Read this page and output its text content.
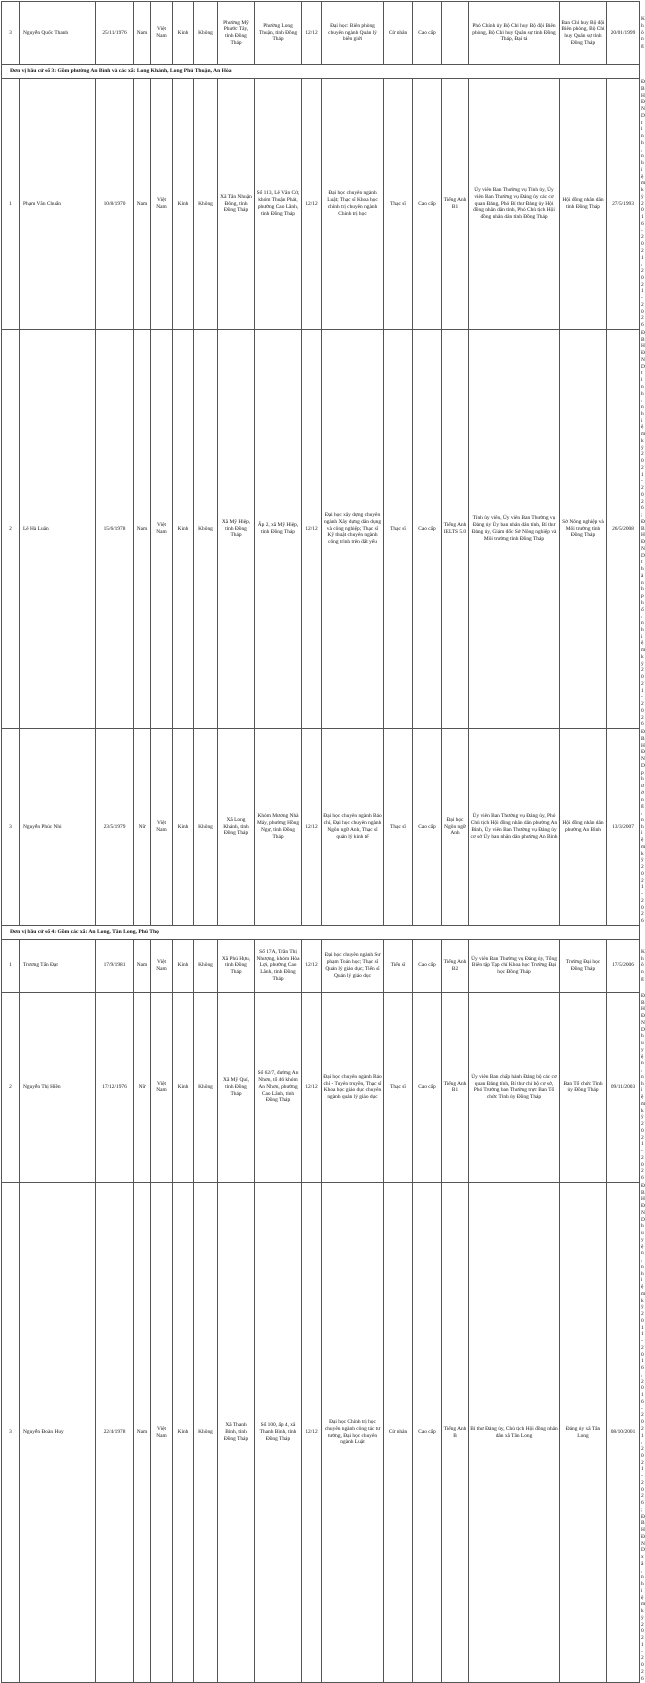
3	Nguyễn Quốc Thanh	25/11/1976	Nam	Việt Nam	Kinh	Không	Phường Mỹ Phước Tây, tỉnh Đồng Tháp	Phường Long Thuận, tỉnh Đồng Tháp	12/12	Đại học: Biên phòng chuyên ngành Quản lý biên giới	Cử nhân	Cao cấp		Phó Chính ủy Bộ Chỉ huy Bộ đội Biên phòng, Bộ Chỉ huy Quân sự tỉnh Đồng Tháp, Đại tá	Ban Chỉ huy Bộ đội Biên phòng, Bộ Chỉ huy Quân sự tỉnh Đồng Tháp	20/01/1999	Không
Đơn vị bầu cử số 3: Gồm phường An Bình và các xã: Long Khánh, Long Phú Thuận, An Hòa																	
1	Phạm Văn Chuẩn	10/8/1970	Nam	Việt Nam	Kinh	Không	Xã Tân Nhuận Đông, tỉnh Đồng Tháp	Số 113, Lê Văn Cử, khóm Thuận Phát, phường Cao Lãnh, tỉnh Đồng Tháp	12/12	Đại học chuyên ngành Luật; Thạc sĩ Khoa học chính trị chuyên ngành Chính trị học	Thạc sĩ	Cao cấp	Tiếng Anh B1	Ủy viên Ban Thường vụ Tỉnh ủy, Ủy viên Ban Thường vụ Đảng ủy các cơ quan Đảng, Phó Bí thư Đảng ủy Hội đồng nhân dân tỉnh, Phó Chủ tịch Hội đồng nhân dân tỉnh Đồng Tháp	Hội đồng nhân dân tỉnh Đồng Tháp	27/5/1993	ĐBHĐND tỉnh, nhiệm kỳ 2016-2021, 2021-2026
2	Lê Hà Luân	15/6/1978	Nam	Việt Nam	Kinh	Không	Xã Mỹ Hiệp, tỉnh Đồng Tháp	Ấp 2, xã Mỹ Hiệp, tỉnh Đồng Tháp	12/12	Đại học xây dựng chuyên ngành Xây dựng dân dụng và công nghiệp; Thạc sĩ Kỹ thuật chuyên ngành công trình trên đất yếu	Thạc sĩ	Cao cấp	Tiếng Anh IELTS 5.0	Tỉnh ủy viên, Ủy viên Ban Thường vụ Đảng ủy Ủy ban nhân dân tỉnh, Bí thư Đảng ủy, Giám đốc Sở Nông nghiệp và Môi trường tỉnh Đồng Tháp	Sở Nông nghiệp và Môi trường tỉnh Đồng Tháp	26/5/2008	ĐBHĐND tỉnh, nhiệm kỳ 2021-2026; ĐBHĐND thành phố, nhiệm kỳ 2021-2026
3	Nguyễn Phúc Nhi	23/5/1979	Nữ	Việt Nam	Kinh	Không	Xã Long Khánh, tỉnh Đồng Tháp	Khóm Mương Nhà Máy, phường Hồng Ngự, tỉnh Đồng Tháp	12/12	Đại học chuyên ngành Báo chí, Đại học chuyên ngành Ngôn ngữ Anh, Thạc sĩ quản lý kinh tế	Thạc sĩ	Cao cấp	Đại học Ngôn ngữ Anh	Ủy viên Ban Thường vụ Đảng ủy, Phó Chủ tịch Hội đồng nhân dân phường An Bình, Ủy viên Ban Thường vụ Đảng ủy cơ sở Ủy ban nhân dân phường An Bình	Hội đồng nhân dân phường An Bình	13/3/2007	ĐBHĐND phường, nhiệm kỳ 2021-2026
Đơn vị bầu cử số 4: Gồm các xã: An Long, Tân Long, Phú Thọ																	
1	Trương Tấn Đạt	17/9/1981	Nam	Việt Nam	Kinh	Không	Xã Phú Hựu, tỉnh Đồng Tháp	Số 17A, Trần Thị Nhượng, khóm Hòa Lợi, phường Cao Lãnh, tỉnh Đồng Tháp	12/12	Đại học chuyên ngành Sư phạm Toán học; Thạc sĩ Quản lý giáo dục; Tiến sĩ Quản lý giáo dục	Tiến sĩ	Cao cấp	Tiếng Anh B2	Ủy viên Ban Thường vụ Đảng ủy, Tổng Biên tập Tạp chí Khoa học Trường Đại học Đồng Tháp	Trường Đại học Đồng Tháp	17/5/2006	Không
2	Nguyễn Thị Hiền	17/12/1976	Nữ	Việt Nam	Kinh	Không	Xã Mỹ Quí, tỉnh Đồng Tháp	Số 62/7, đường An Nhơn, tổ 46 khóm An Nhơn, phường Cao Lãnh, tỉnh Đồng Tháp	12/12	Đại học chuyên ngành Báo chí - Tuyên truyền, Thạc sĩ Khoa học giáo dục chuyên ngành quản lý giáo dục	Thạc sĩ	Cao cấp	Tiếng Anh B1	Ủy viên Ban chấp hành Đảng bộ các cơ quan Đảng tỉnh, Bí thư chi bộ cơ sở, Phó Trưởng ban Thường trực Ban Tổ chức Tỉnh ủy Đồng Tháp	Ban Tổ chức Tỉnh ủy Đồng Tháp	09/11/2003	ĐBHĐND huyện, nhiệm kỳ 2021-2026
3	Nguyễn Đoàn Huy	22/4/1978	Nam	Việt Nam	Kinh	Không	Xã Thanh Bình, tỉnh Đồng Tháp	Số 100, ấp 4, xã Thanh Bình, tỉnh Đồng Tháp	12/12	Đại học Chính trị học chuyên ngành công tác tư tưởng, Đại học chuyên ngành Luật	Cử nhân	Cao cấp	Tiếng Anh B	Bí thư Đảng ủy, Chủ tịch Hội đồng nhân dân xã Tân Long	Đảng ủy xã Tân Long	08/10/2001	ĐBHĐND huyện, nhiệm kỳ 2011-2016, 2016-2021, 2021-2026; ĐBHĐND xã, nhiệm kỳ 2021-2026
